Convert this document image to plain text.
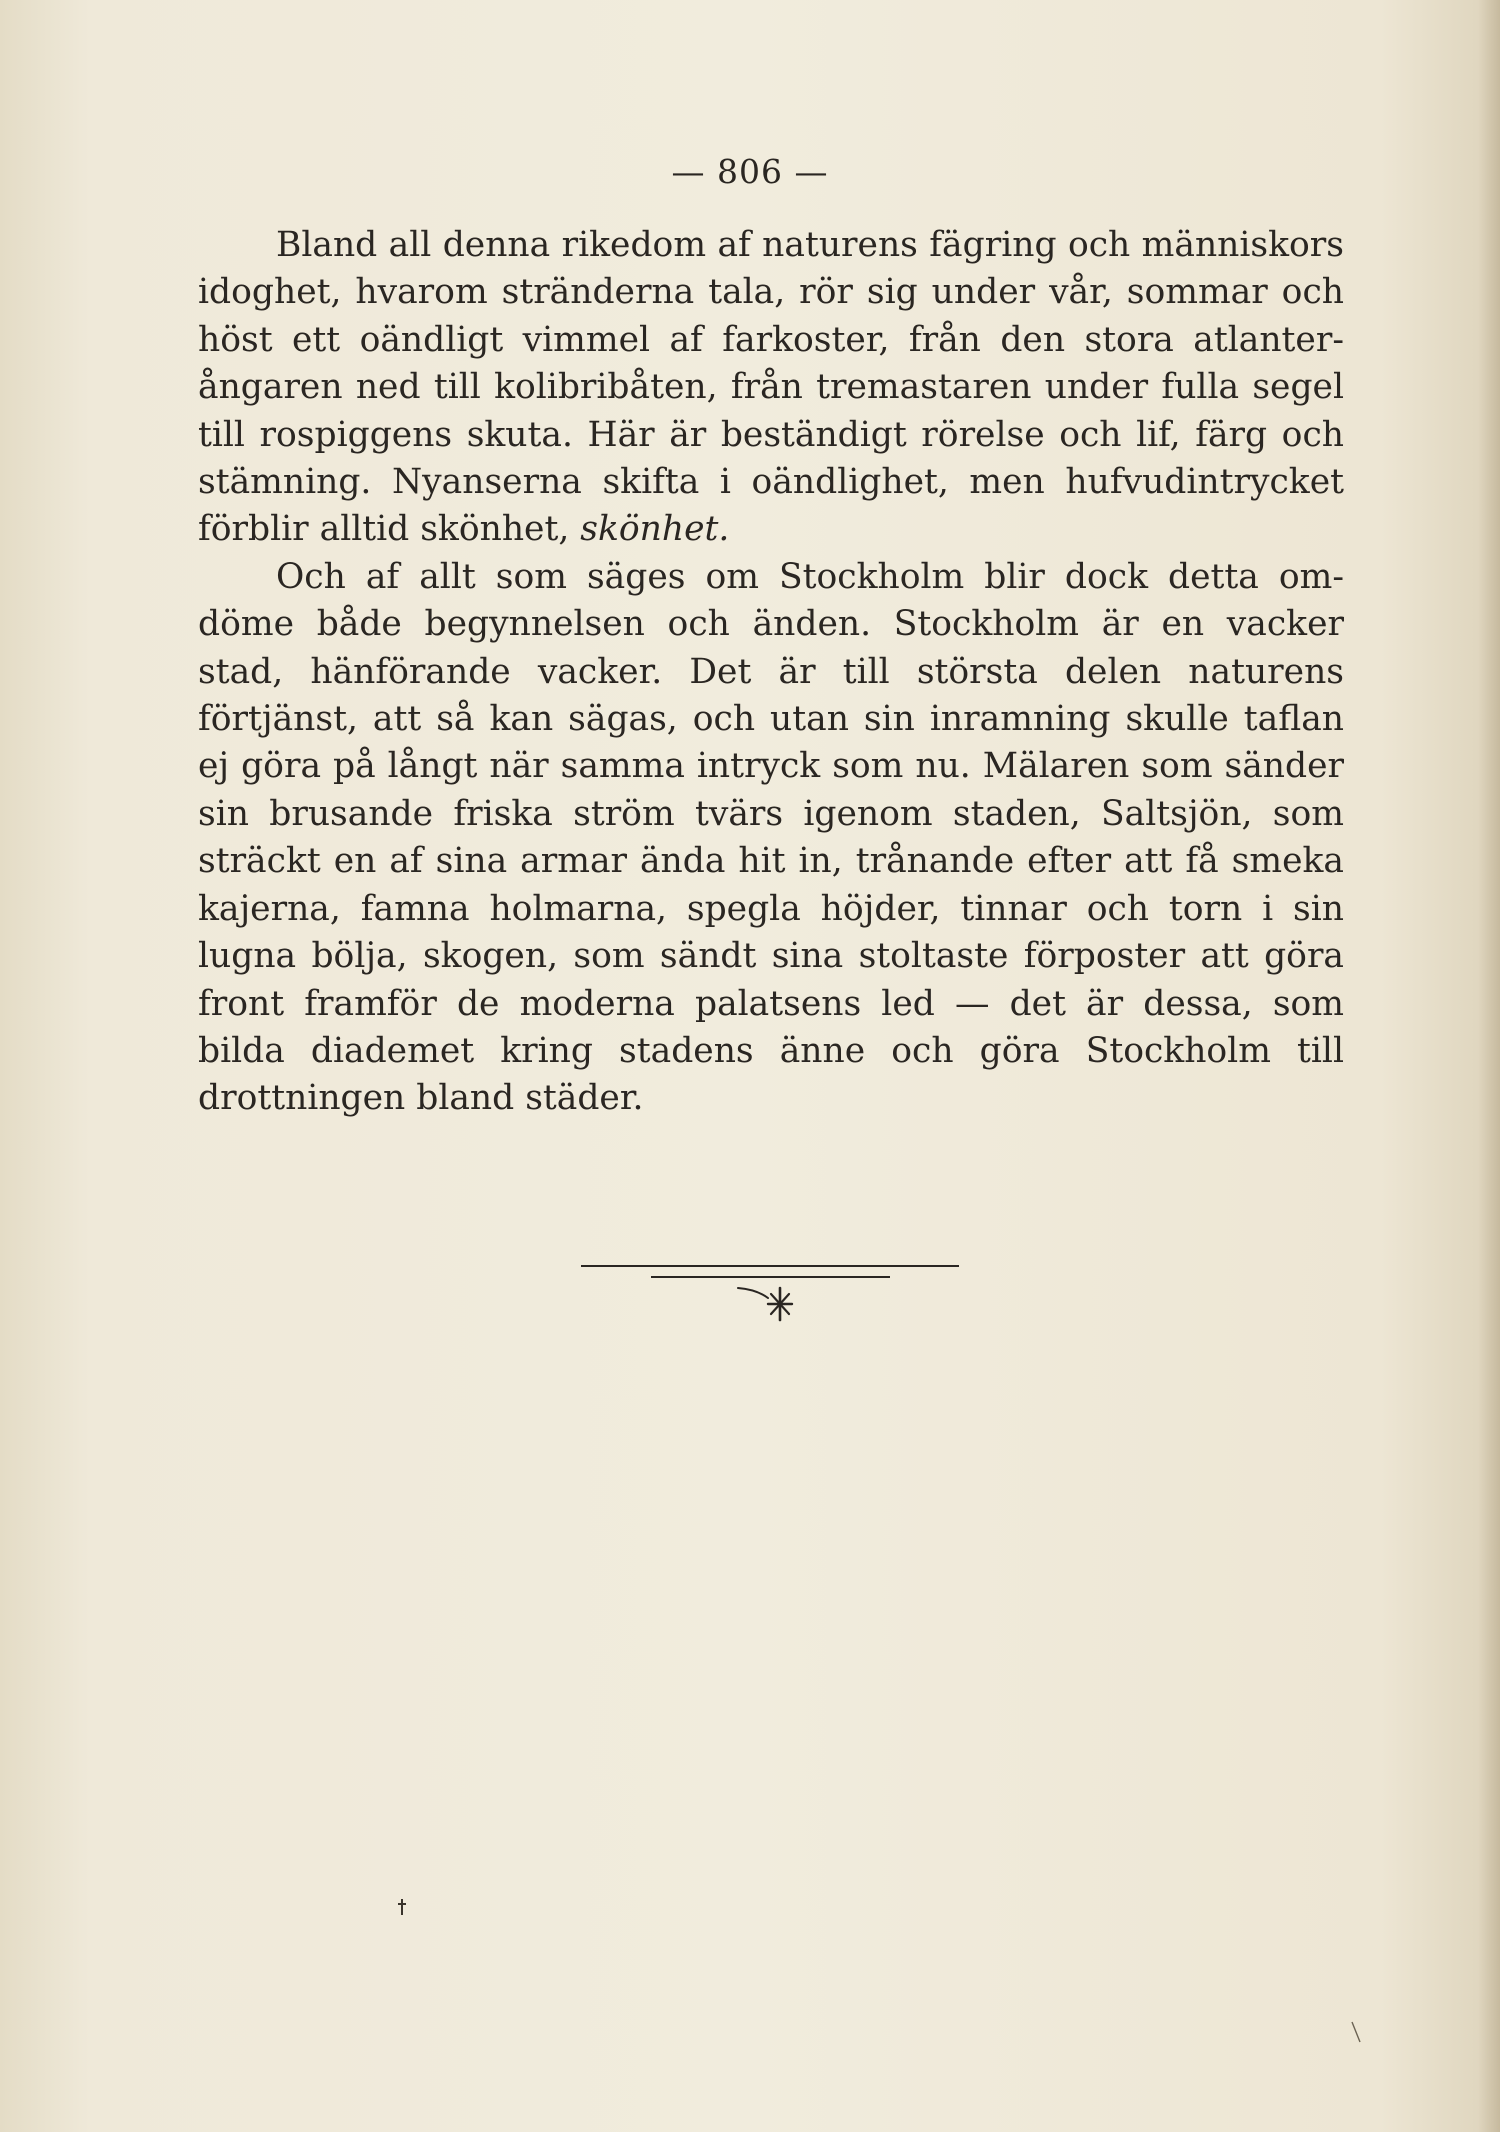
— 806 —

Bland all denna rikedom af naturens fägring och människors idoghet, hvarom stränderna tala, rör sig under vår, sommar och höst ett oändligt vimmel af farkoster, från den stora atlanter- ångaren ned till kolibribåten, från tremastaren under fulla segel till rospiggens skuta. Här är beständigt rörelse och lif, färg och stämning. Nyanserna skifta i oändlighet, men hufvudintrycket förblir alltid skönhet, skönhet.

Och af allt som säges om Stockholm blir dock detta om- döme både begynnelsen och änden. Stockholm är en vacker stad, hänförande vacker. Det är till största delen naturens förtjänst, att så kan sägas, och utan sin inramning skulle taflan ej göra på långt när samma intryck som nu. Mälaren som sänder sin brusande friska ström tvärs igenom staden, Saltsjön, som sträckt en af sina armar ända hit in, trånande efter att få smeka kajerna, famna holmarna, spegla höjder, tinnar och torn i sin lugna bölja, skogen, som sändt sina stoltaste förposter att göra front framför de moderna palatsens led — det är dessa, som bilda diademet kring stadens änne och göra Stockholm till drottningen bland städer.
